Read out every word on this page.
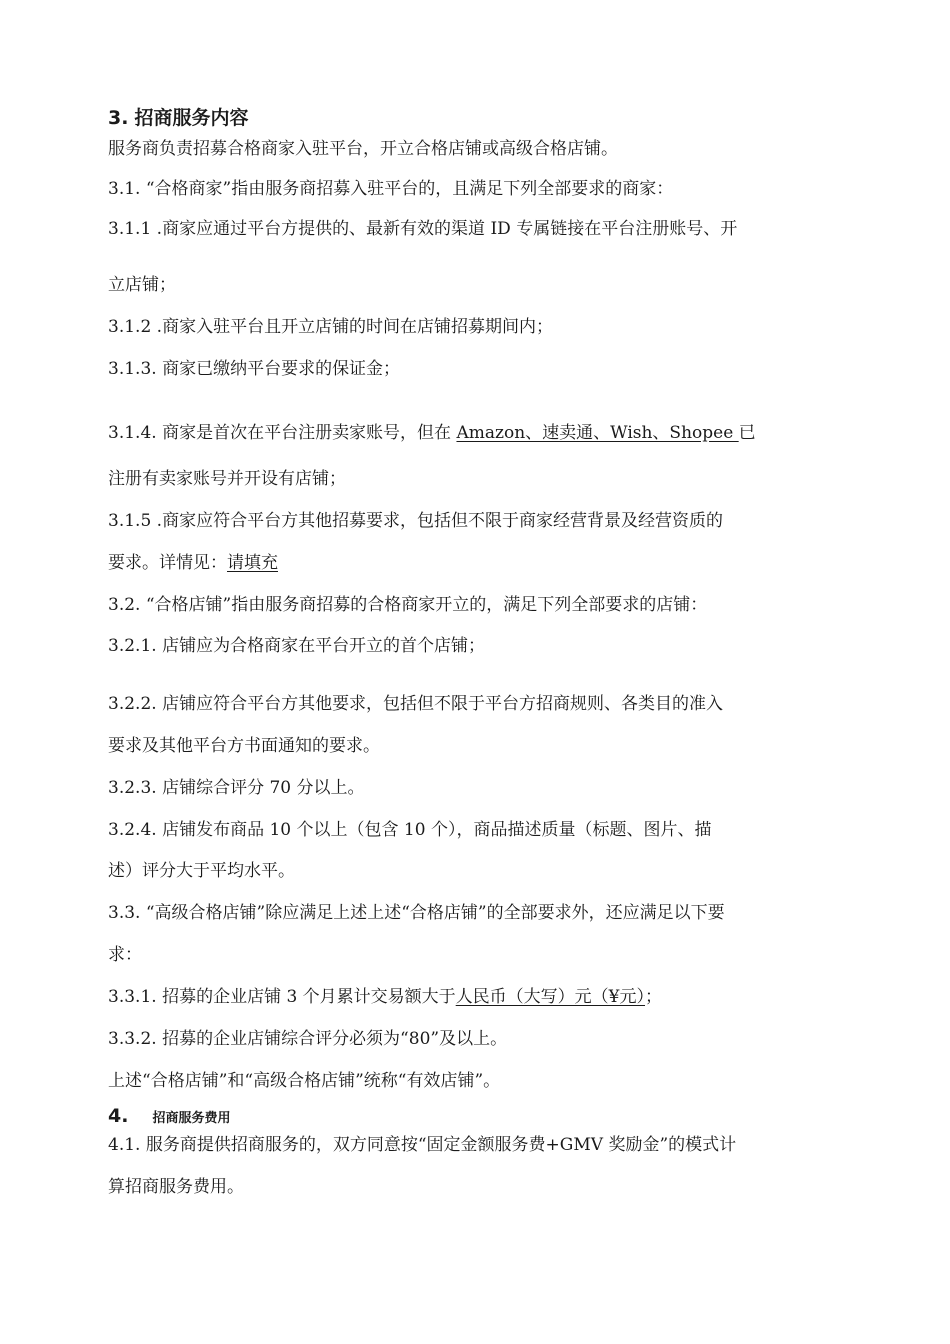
3. 招商服务内容

服务商负责招募合格商家入驻平台，开立合格店铺或高级合格店铺。

3.1. “合格商家”指由服务商招募入驻平台的，且满足下列全部要求的商家：

3.1.1 .商家应通过平台方提供的、最新有效的渠道 ID 专属链接在平台注册账号、开

立店铺；

3.1.2 .商家入驻平台且开立店铺的时间在店铺招募期间内；

3.1.3. 商家已缴纳平台要求的保证金；

3.1.4. 商家是首次在平台注册卖家账号，但在 Amazon、速卖通、Wish、Shopee 已

注册有卖家账号并开设有店铺；

3.1.5 .商家应符合平台方其他招募要求，包括但不限于商家经营背景及经营资质的

要求。详情见：请填充

3.2. “合格店铺”指由服务商招募的合格商家开立的，满足下列全部要求的店铺：

3.2.1. 店铺应为合格商家在平台开立的首个店铺；

3.2.2. 店铺应符合平台方其他要求，包括但不限于平台方招商规则、各类目的准入

要求及其他平台方书面通知的要求。

3.2.3. 店铺综合评分 70 分以上。

3.2.4. 店铺发布商品 10 个以上（包含 10 个），商品描述质量（标题、图片、描

述）评分大于平均水平。

3.3. “高级合格店铺”除应满足上述上述“合格店铺”的全部要求外，还应满足以下要

求：

3.3.1. 招募的企业店铺 3 个月累计交易额大于人民币（大写）元（¥元）；

3.3.2. 招募的企业店铺综合评分必须为“80”及以上。

上述“合格店铺”和“高级合格店铺”统称“有效店铺”。

4. 招商服务费用

4.1. 服务商提供招商服务的，双方同意按“固定金额服务费+GMV 奖励金”的模式计

算招商服务费用。
